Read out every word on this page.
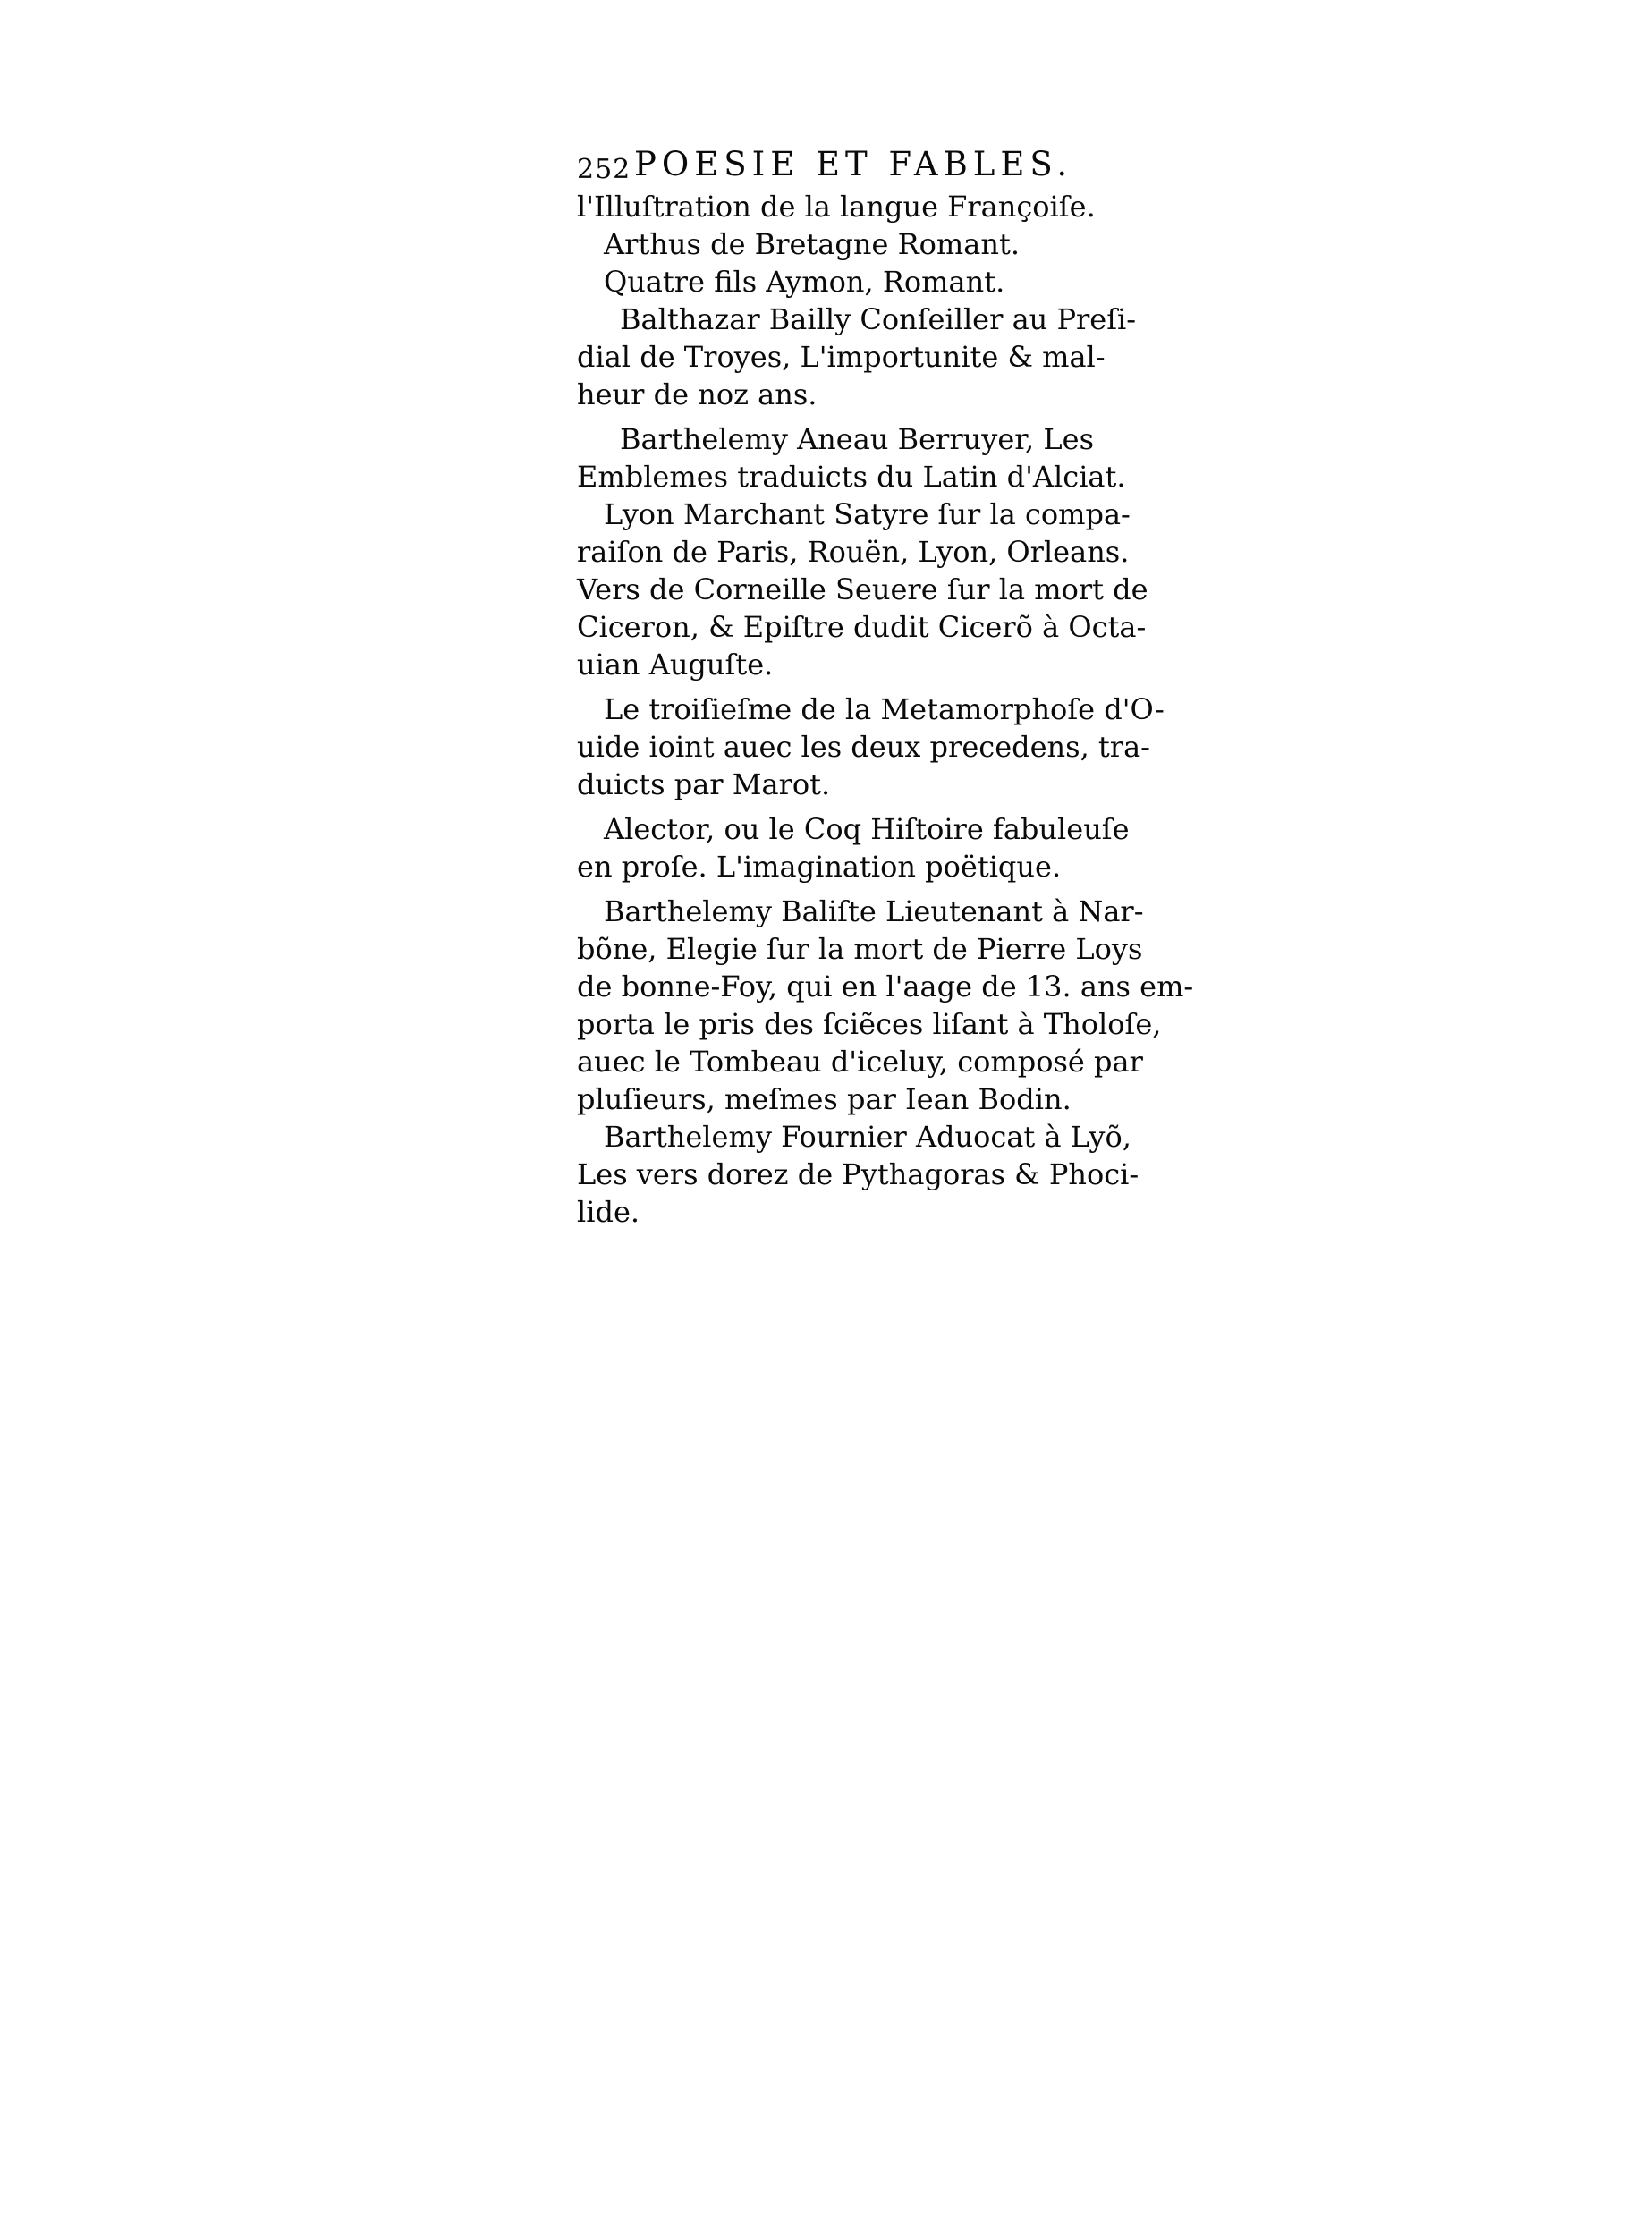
252 POESIE ET FABLES.
l'Illuſtration de la langue Françoiſe.
Arthus de Bretagne Romant.
Quatre fils Aymon, Romant.
Balthazar Bailly Conſeiller au Preſi-
dial de Troyes, L'importunite & mal-
heur de noz ans.
Barthelemy Aneau Berruyer, Les
Emblemes traduicts du Latin d'Alciat.
Lyon Marchant Satyre ſur la compa-
raiſon de Paris, Rouën, Lyon, Orleans.
Vers de Corneille Seuere ſur la mort de
Ciceron, & Epiſtre dudit Cicerõ à Octa-
uian Auguſte.
Le troiſieſme de la Metamorphoſe d'O-
uide ioint auec les deux precedens, tra-
duicts par Marot.
Alector, ou le Coq Hiſtoire fabuleuſe
en proſe. L'imagination poëtique.
Barthelemy Baliſte Lieutenant à Nar-
bõne, Elegie ſur la mort de Pierre Loys
de bonne-Foy, qui en l'aage de 13. ans em-
porta le pris des ſciẽces liſant à Tholoſe,
auec le Tombeau d'iceluy, composé par
pluſieurs, meſmes par Iean Bodin.
Barthelemy Fournier Aduocat à Lyõ,
Les vers dorez de Pythagoras & Phoci-
lide.
